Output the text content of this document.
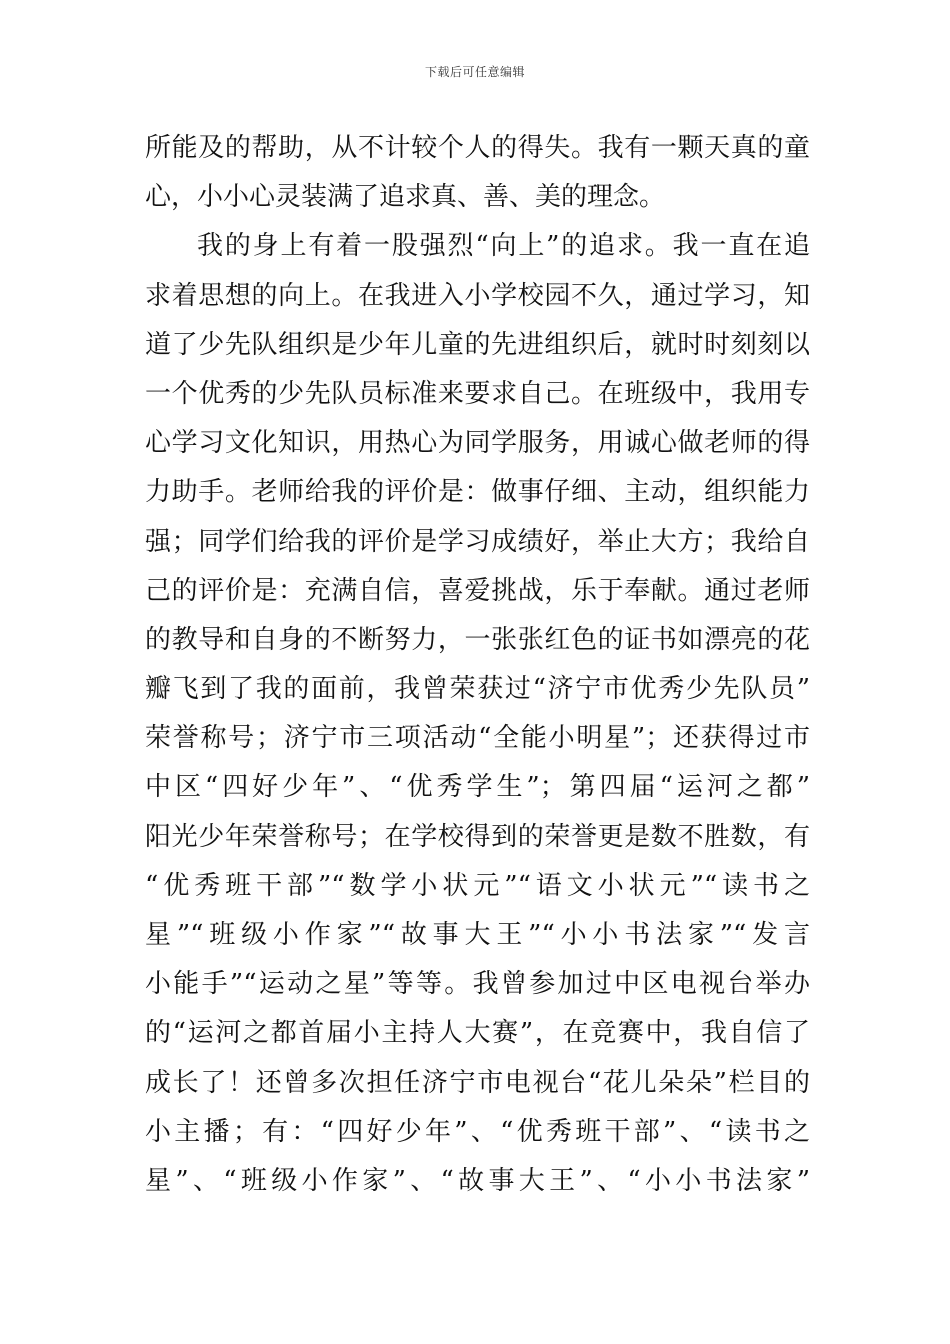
下载后可任意编辑
所能及的帮助，从不计较个人的得失。我有一颗天真的童
心，小小心灵装满了追求真、善、美的理念。
我的身上有着一股强烈“向上”的追求。我一直在追
求着思想的向上。在我进入小学校园不久，通过学习，知
道了少先队组织是少年儿童的先进组织后，就时时刻刻以
一个优秀的少先队员标准来要求自己。在班级中，我用专
心学习文化知识，用热心为同学服务，用诚心做老师的得
力助手。老师给我的评价是：做事仔细、主动，组织能力
强；同学们给我的评价是学习成绩好，举止大方；我给自
己的评价是：充满自信，喜爱挑战，乐于奉献。通过老师
的教导和自身的不断努力，一张张红色的证书如漂亮的花
瓣飞到了我的面前，我曾荣获过“济宁市优秀少先队员”
荣誉称号；济宁市三项活动“全能小明星”；还获得过市
中区“四好少年”、“优秀学生”；第四届“运河之都”
阳光少年荣誉称号；在学校得到的荣誉更是数不胜数，有
“优秀班干部”“数学小状元”“语文小状元”“读书之
星”“班级小作家”“故事大王”“小小书法家”“发言
小能手”“运动之星”等等。我曾参加过中区电视台举办
的“运河之都首届小主持人大赛”，在竞赛中，我自信了
成长了！还曾多次担任济宁市电视台“花儿朵朵”栏目的
小主播；有：“四好少年”、“优秀班干部”、“读书之
星”、“班级小作家”、“故事大王”、“小小书法家”
